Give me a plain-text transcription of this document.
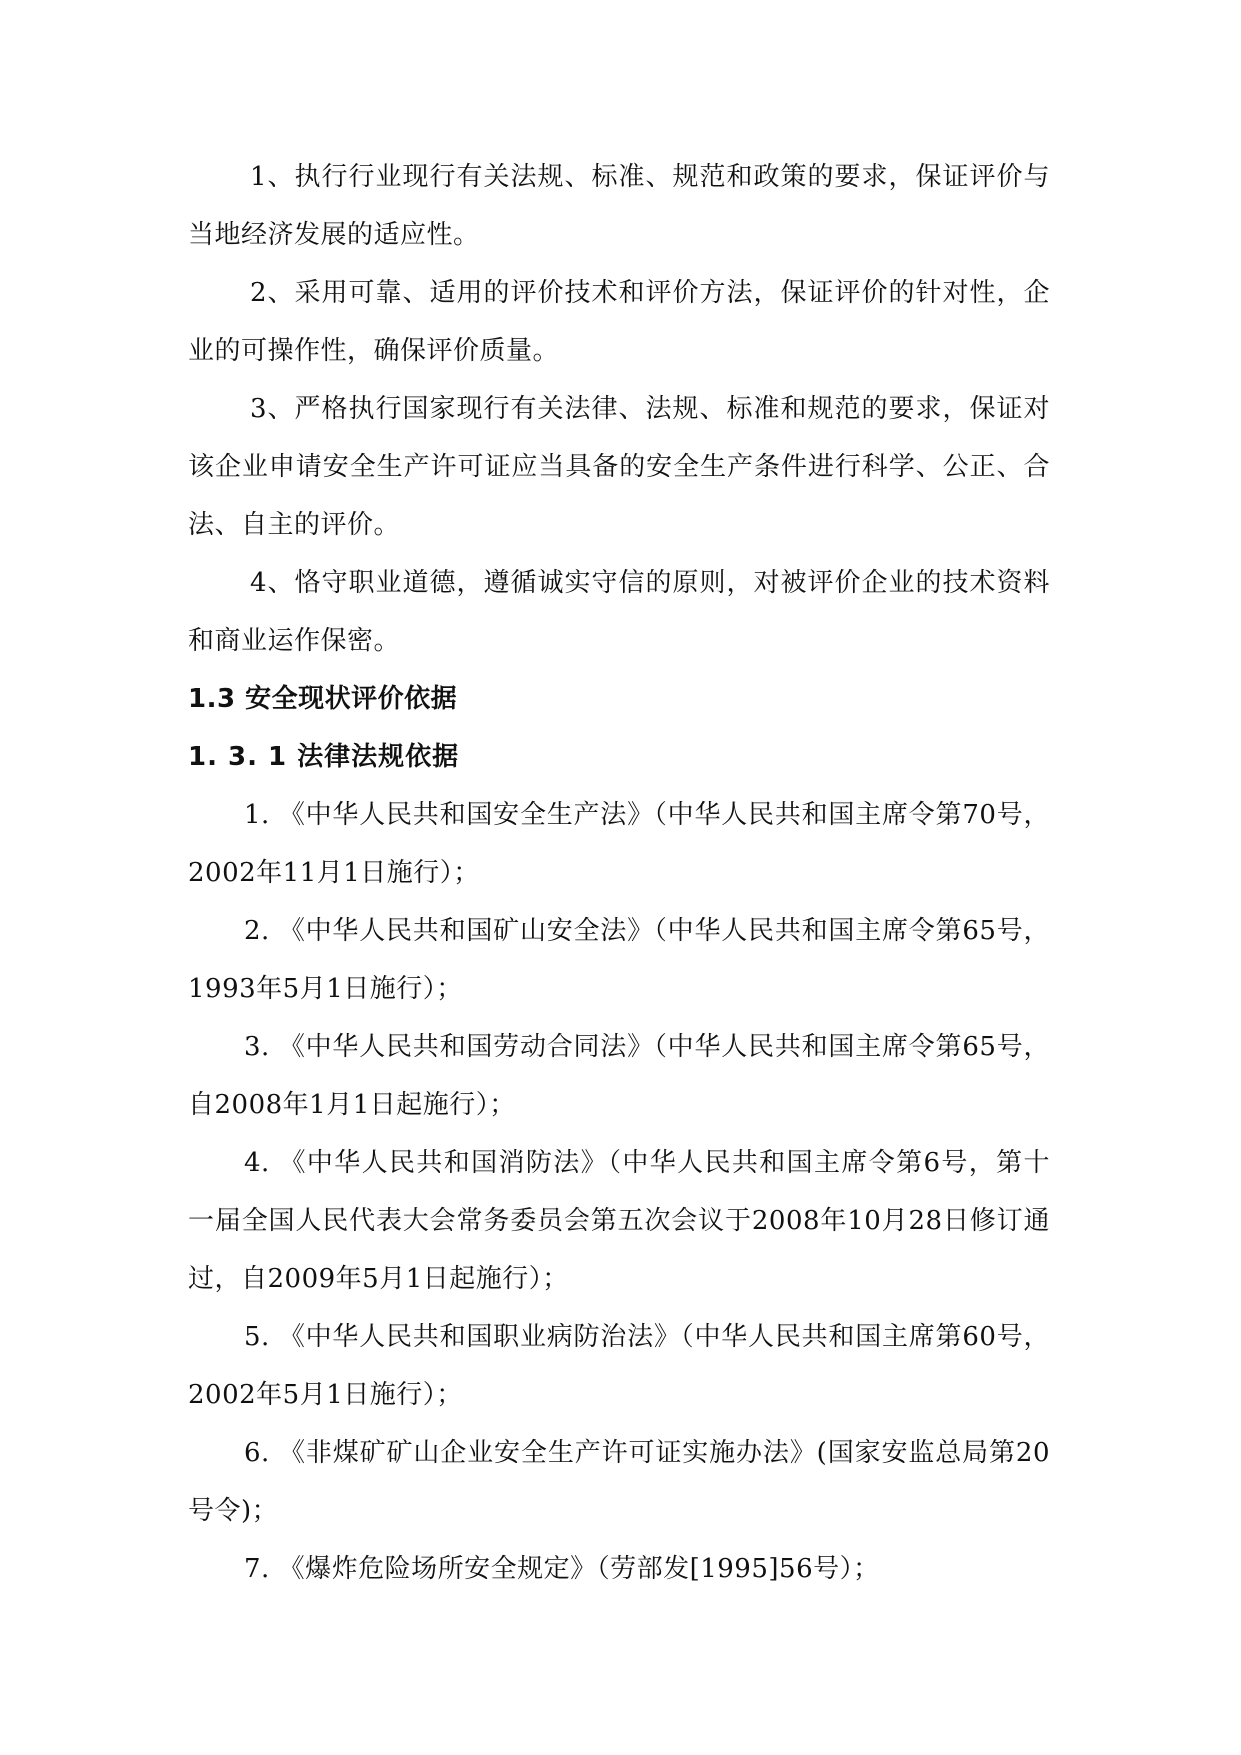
1、执行行业现行有关法规、标准、规范和政策的要求，保证评价与当地经济发展的适应性。

2、采用可靠、适用的评价技术和评价方法，保证评价的针对性，企业的可操作性，确保评价质量。

3、严格执行国家现行有关法律、法规、标准和规范的要求，保证对该企业申请安全生产许可证应当具备的安全生产条件进行科学、公正、合法、自主的评价。

4、恪守职业道德，遵循诚实守信的原则，对被评价企业的技术资料和商业运作保密。

1.3 安全现状评价依据
1. 3. 1 法律法规依据

1. 《中华人民共和国安全生产法》（中华人民共和国主席令第70号，2002年11月1日施行）；

2. 《中华人民共和国矿山安全法》（中华人民共和国主席令第65号，1993年5月1日施行）；

3. 《中华人民共和国劳动合同法》（中华人民共和国主席令第65号，自2008年1月1日起施行）；

4. 《中华人民共和国消防法》（中华人民共和国主席令第6号，第十一届全国人民代表大会常务委员会第五次会议于2008年10月28日修订通过，自2009年5月1日起施行）；

5. 《中华人民共和国职业病防治法》（中华人民共和国主席第60号，2002年5月1日施行）；

6. 《非煤矿矿山企业安全生产许可证实施办法》(国家安监总局第20号令)；

7. 《爆炸危险场所安全规定》（劳部发[1995]56号）；
